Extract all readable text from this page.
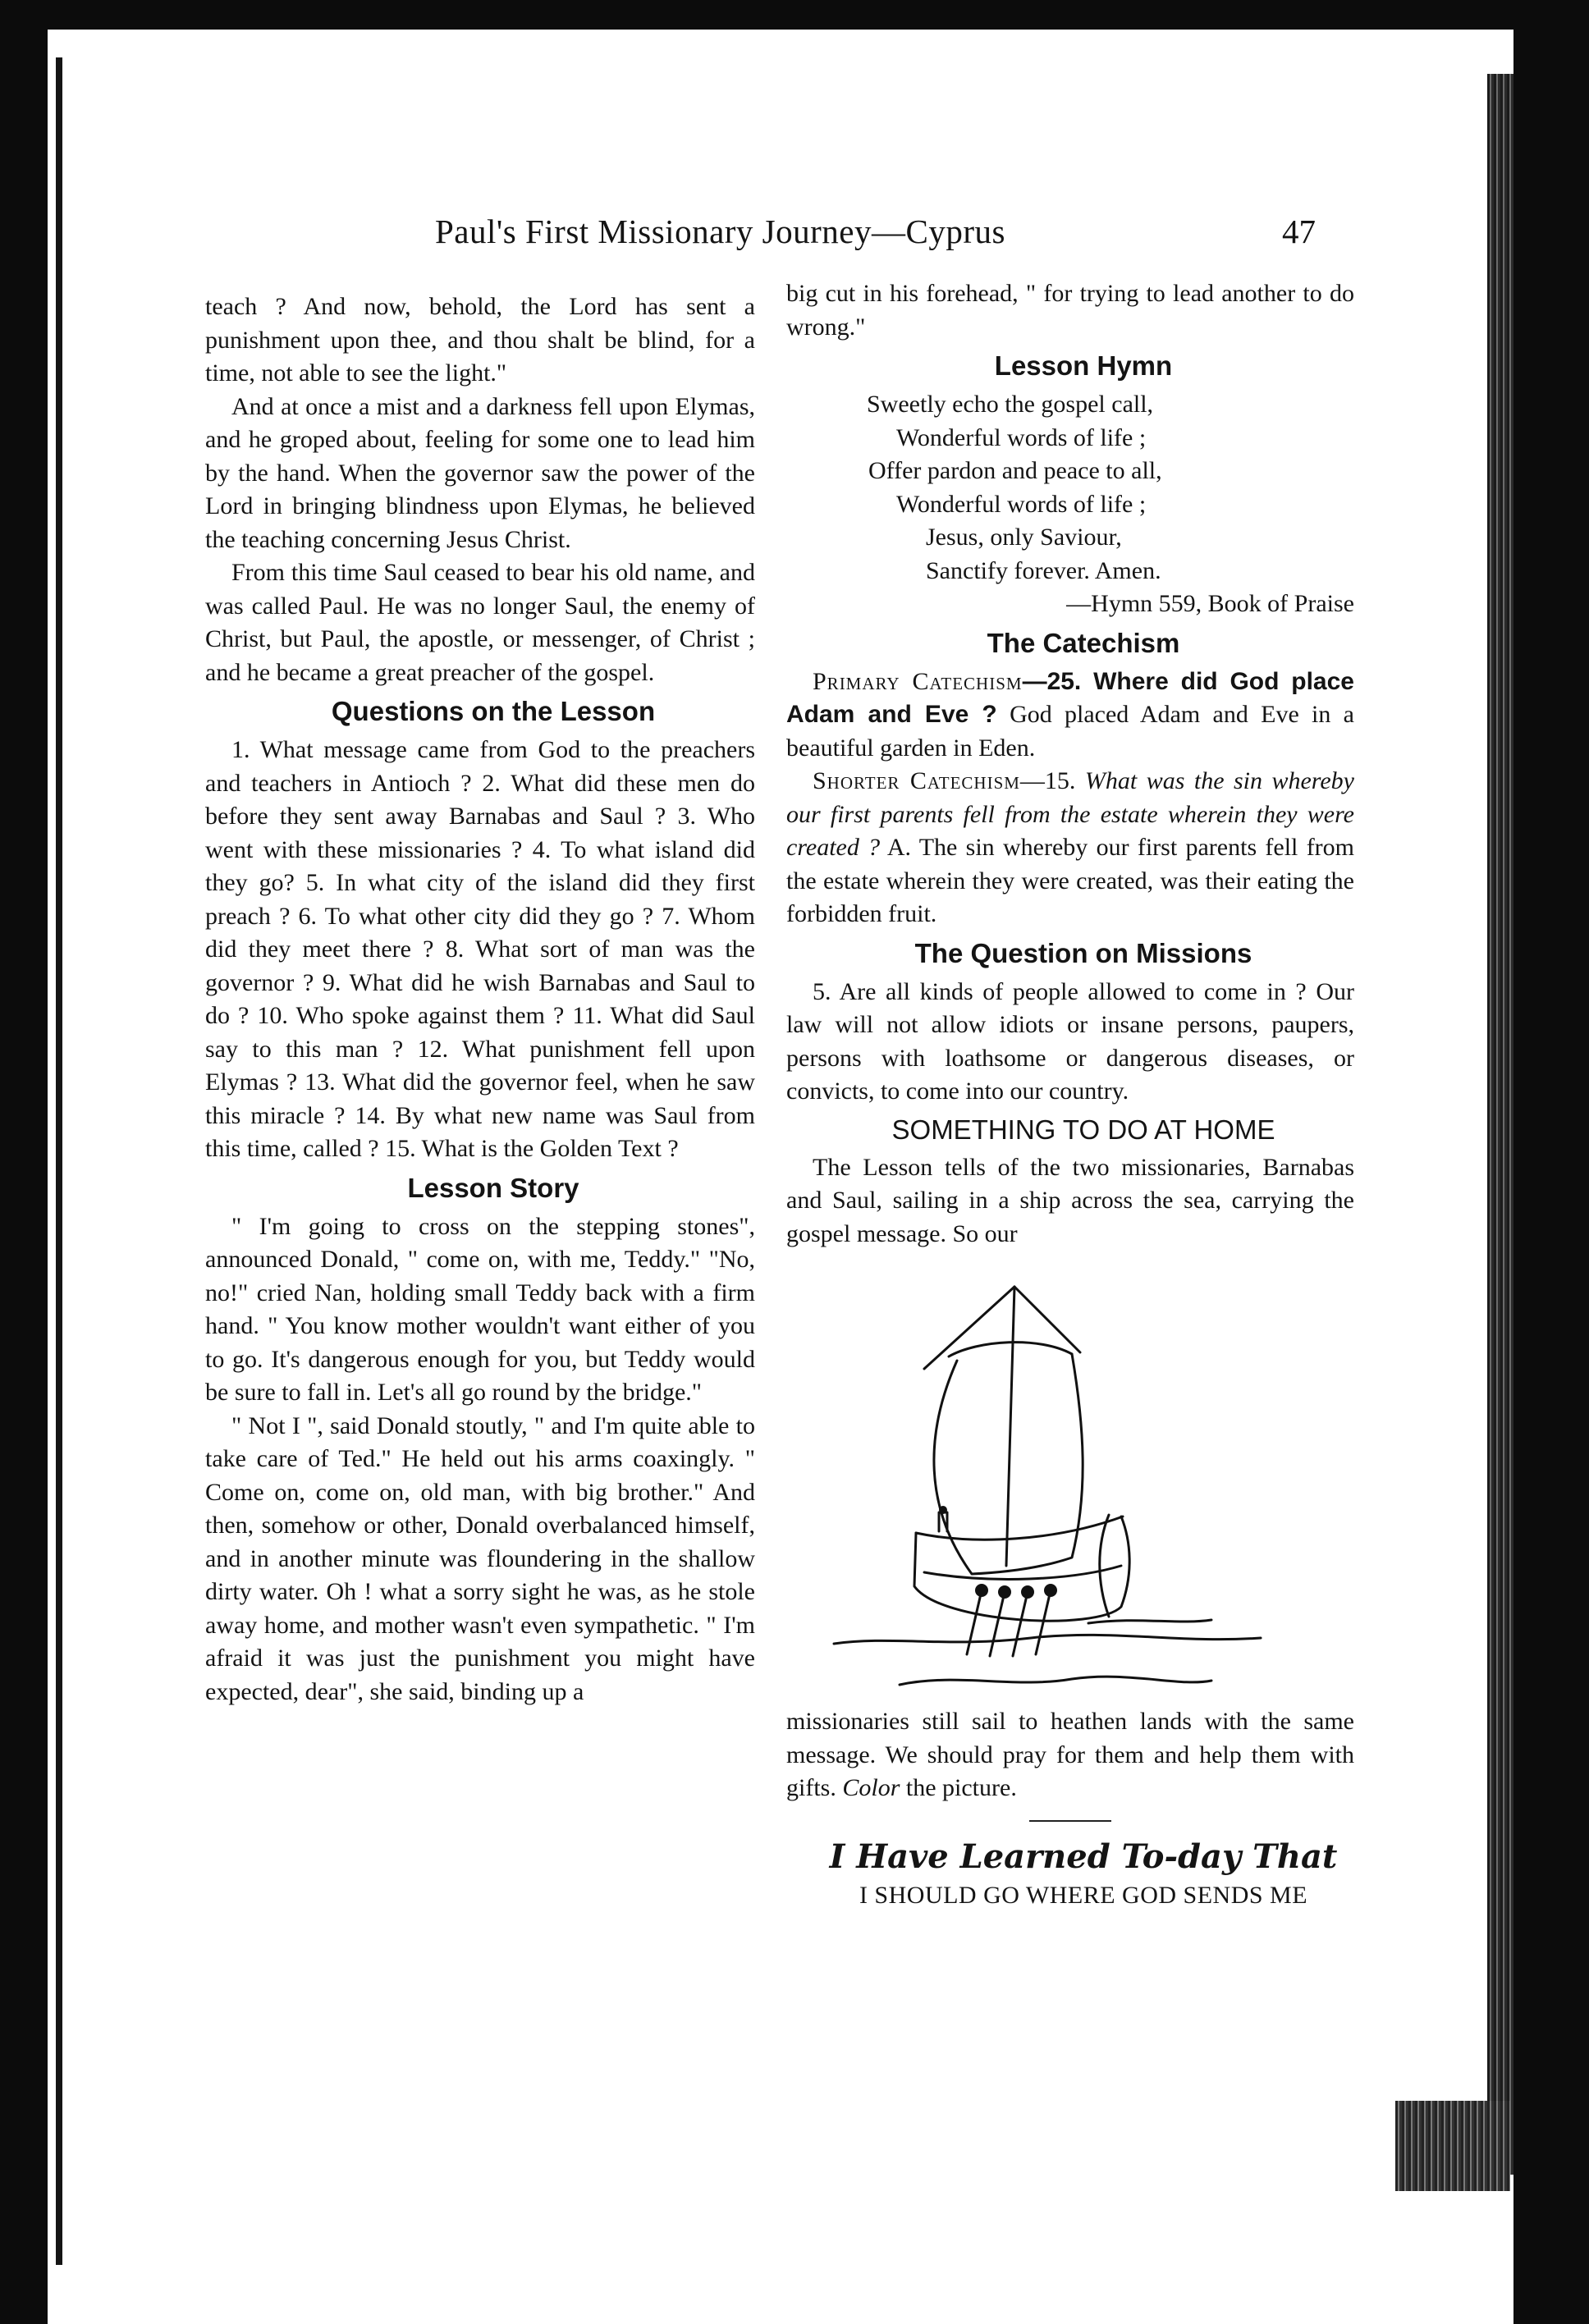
Paul's First Missionary Journey—Cyprus	47

teach ? And now, behold, the Lord has sent a punishment upon thee, and thou shalt be blind, for a time, not able to see the light."

And at once a mist and a darkness fell upon Elymas, and he groped about, feeling for some one to lead him by the hand. When the governor saw the power of the Lord in bringing blindness upon Elymas, he believed the teaching concerning Jesus Christ.

From this time Saul ceased to bear his old name, and was called Paul. He was no longer Saul, the enemy of Christ, but Paul, the apostle, or messenger, of Christ ; and he became a great preacher of the gospel.

Questions on the Lesson

1. What message came from God to the preachers and teachers in Antioch ? 2. What did these men do before they sent away Barnabas and Saul ? 3. Who went with these missionaries ? 4. To what island did they go? 5. In what city of the island did they first preach ? 6. To what other city did they go ? 7. Whom did they meet there ? 8. What sort of man was the governor ? 9. What did he wish Barnabas and Saul to do ? 10. Who spoke against them ? 11. What did Saul say to this man ? 12. What punishment fell upon Elymas ? 13. What did the governor feel, when he saw this miracle ? 14. By what new name was Saul from this time, called ? 15. What is the Golden Text ?

Lesson Story

" I'm going to cross on the stepping stones", announced Donald, " come on, with me, Teddy." "No, no!" cried Nan, holding small Teddy back with a firm hand. " You know mother wouldn't want either of you to go. It's dangerous enough for you, but Teddy would be sure to fall in. Let's all go round by the bridge."

" Not I ", said Donald stoutly, " and I'm quite able to take care of Ted." He held out his arms coaxingly. " Come on, come on, old man, with big brother." And then, somehow or other, Donald overbalanced himself, and in another minute was floundering in the shallow dirty water. Oh ! what a sorry sight he was, as he stole away home, and mother wasn't even sympathetic. " I'm afraid it was just the punishment you might have expected, dear", she said, binding up a

big cut in his forehead, " for trying to lead another to do wrong."

Lesson Hymn

Sweetly echo the gospel call,
Wonderful words of life ;
Offer pardon and peace to all,
Wonderful words of life ;
Jesus, only Saviour,
Sanctify forever. Amen.
—Hymn 559, Book of Praise

The Catechism

Primary Catechism—25. Where did God place Adam and Eve ? God placed Adam and Eve in a beautiful garden in Eden.

Shorter Catechism—15. What was the sin whereby our first parents fell from the estate wherein they were created ? A. The sin whereby our first parents fell from the estate wherein they were created, was their eating the forbidden fruit.

The Question on Missions

5. Are all kinds of people allowed to come in ? Our law will not allow idiots or insane persons, paupers, persons with loathsome or dangerous diseases, or convicts, to come into our country.

SOMETHING TO DO AT HOME

The Lesson tells of the two missionaries, Barnabas and Saul, sailing in a ship across the sea, carrying the gospel message. So our

missionaries still sail to heathen lands with the same message. We should pray for them and help them with gifts. Color the picture.

I Have Learned To-day That

I SHOULD GO WHERE GOD SENDS ME
